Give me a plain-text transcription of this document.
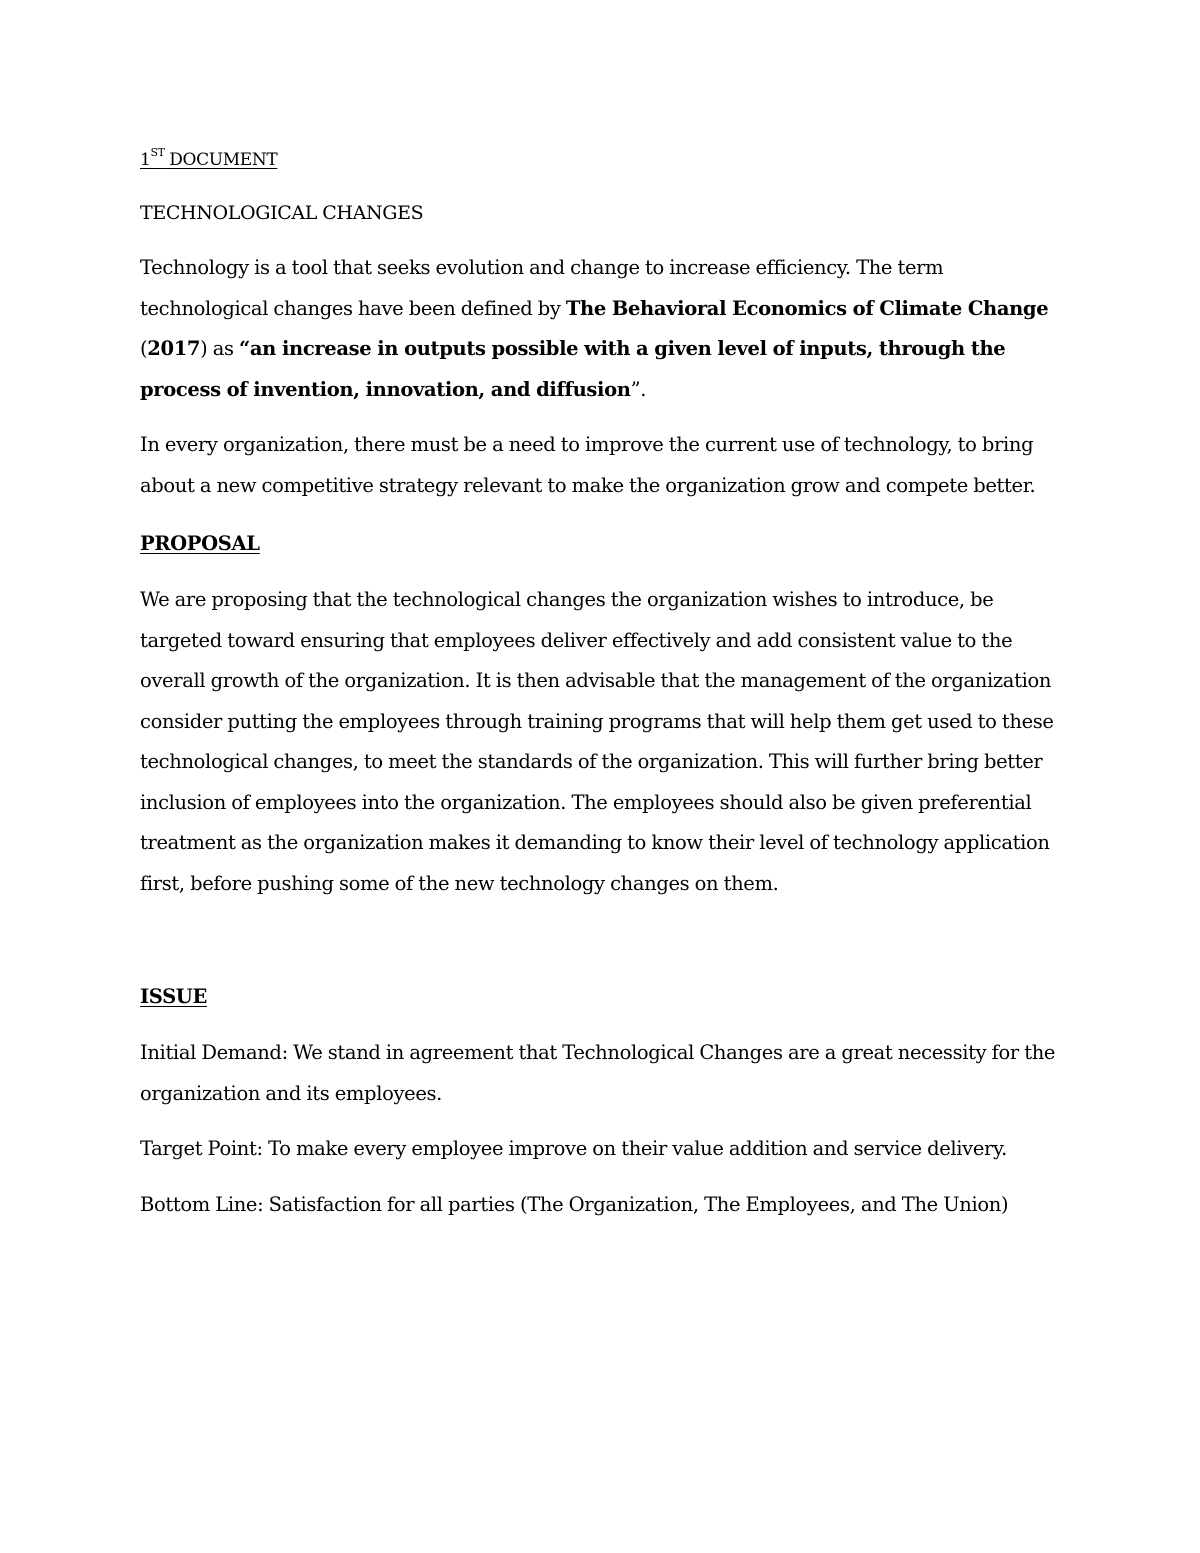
1ST DOCUMENT
TECHNOLOGICAL CHANGES

Technology is a tool that seeks evolution and change to increase efficiency. The term technological changes have been defined by The Behavioral Economics of Climate Change (2017) as “an increase in outputs possible with a given level of inputs, through the process of invention, innovation, and diffusion”.

In every organization, there must be a need to improve the current use of technology, to bring about a new competitive strategy relevant to make the organization grow and compete better.

PROPOSAL

We are proposing that the technological changes the organization wishes to introduce, be targeted toward ensuring that employees deliver effectively and add consistent value to the overall growth of the organization. It is then advisable that the management of the organization consider putting the employees through training programs that will help them get used to these technological changes, to meet the standards of the organization. This will further bring better inclusion of employees into the organization. The employees should also be given preferential treatment as the organization makes it demanding to know their level of technology application first, before pushing some of the new technology changes on them.

ISSUE

Initial Demand: We stand in agreement that Technological Changes are a great necessity for the organization and its employees.

Target Point: To make every employee improve on their value addition and service delivery.

Bottom Line: Satisfaction for all parties (The Organization, The Employees, and The Union)
